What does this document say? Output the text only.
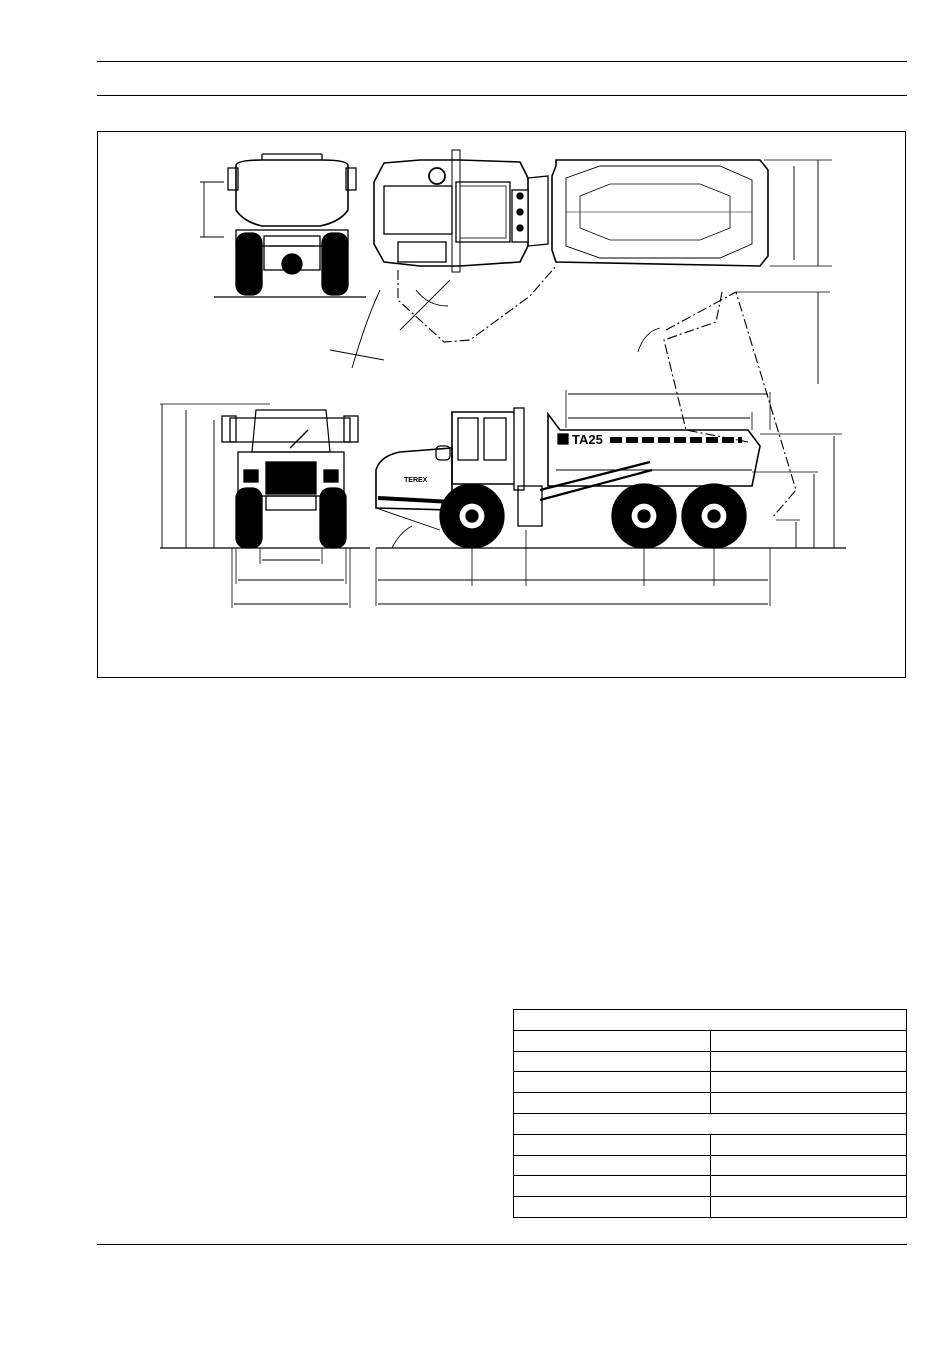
TA25
TEREX
